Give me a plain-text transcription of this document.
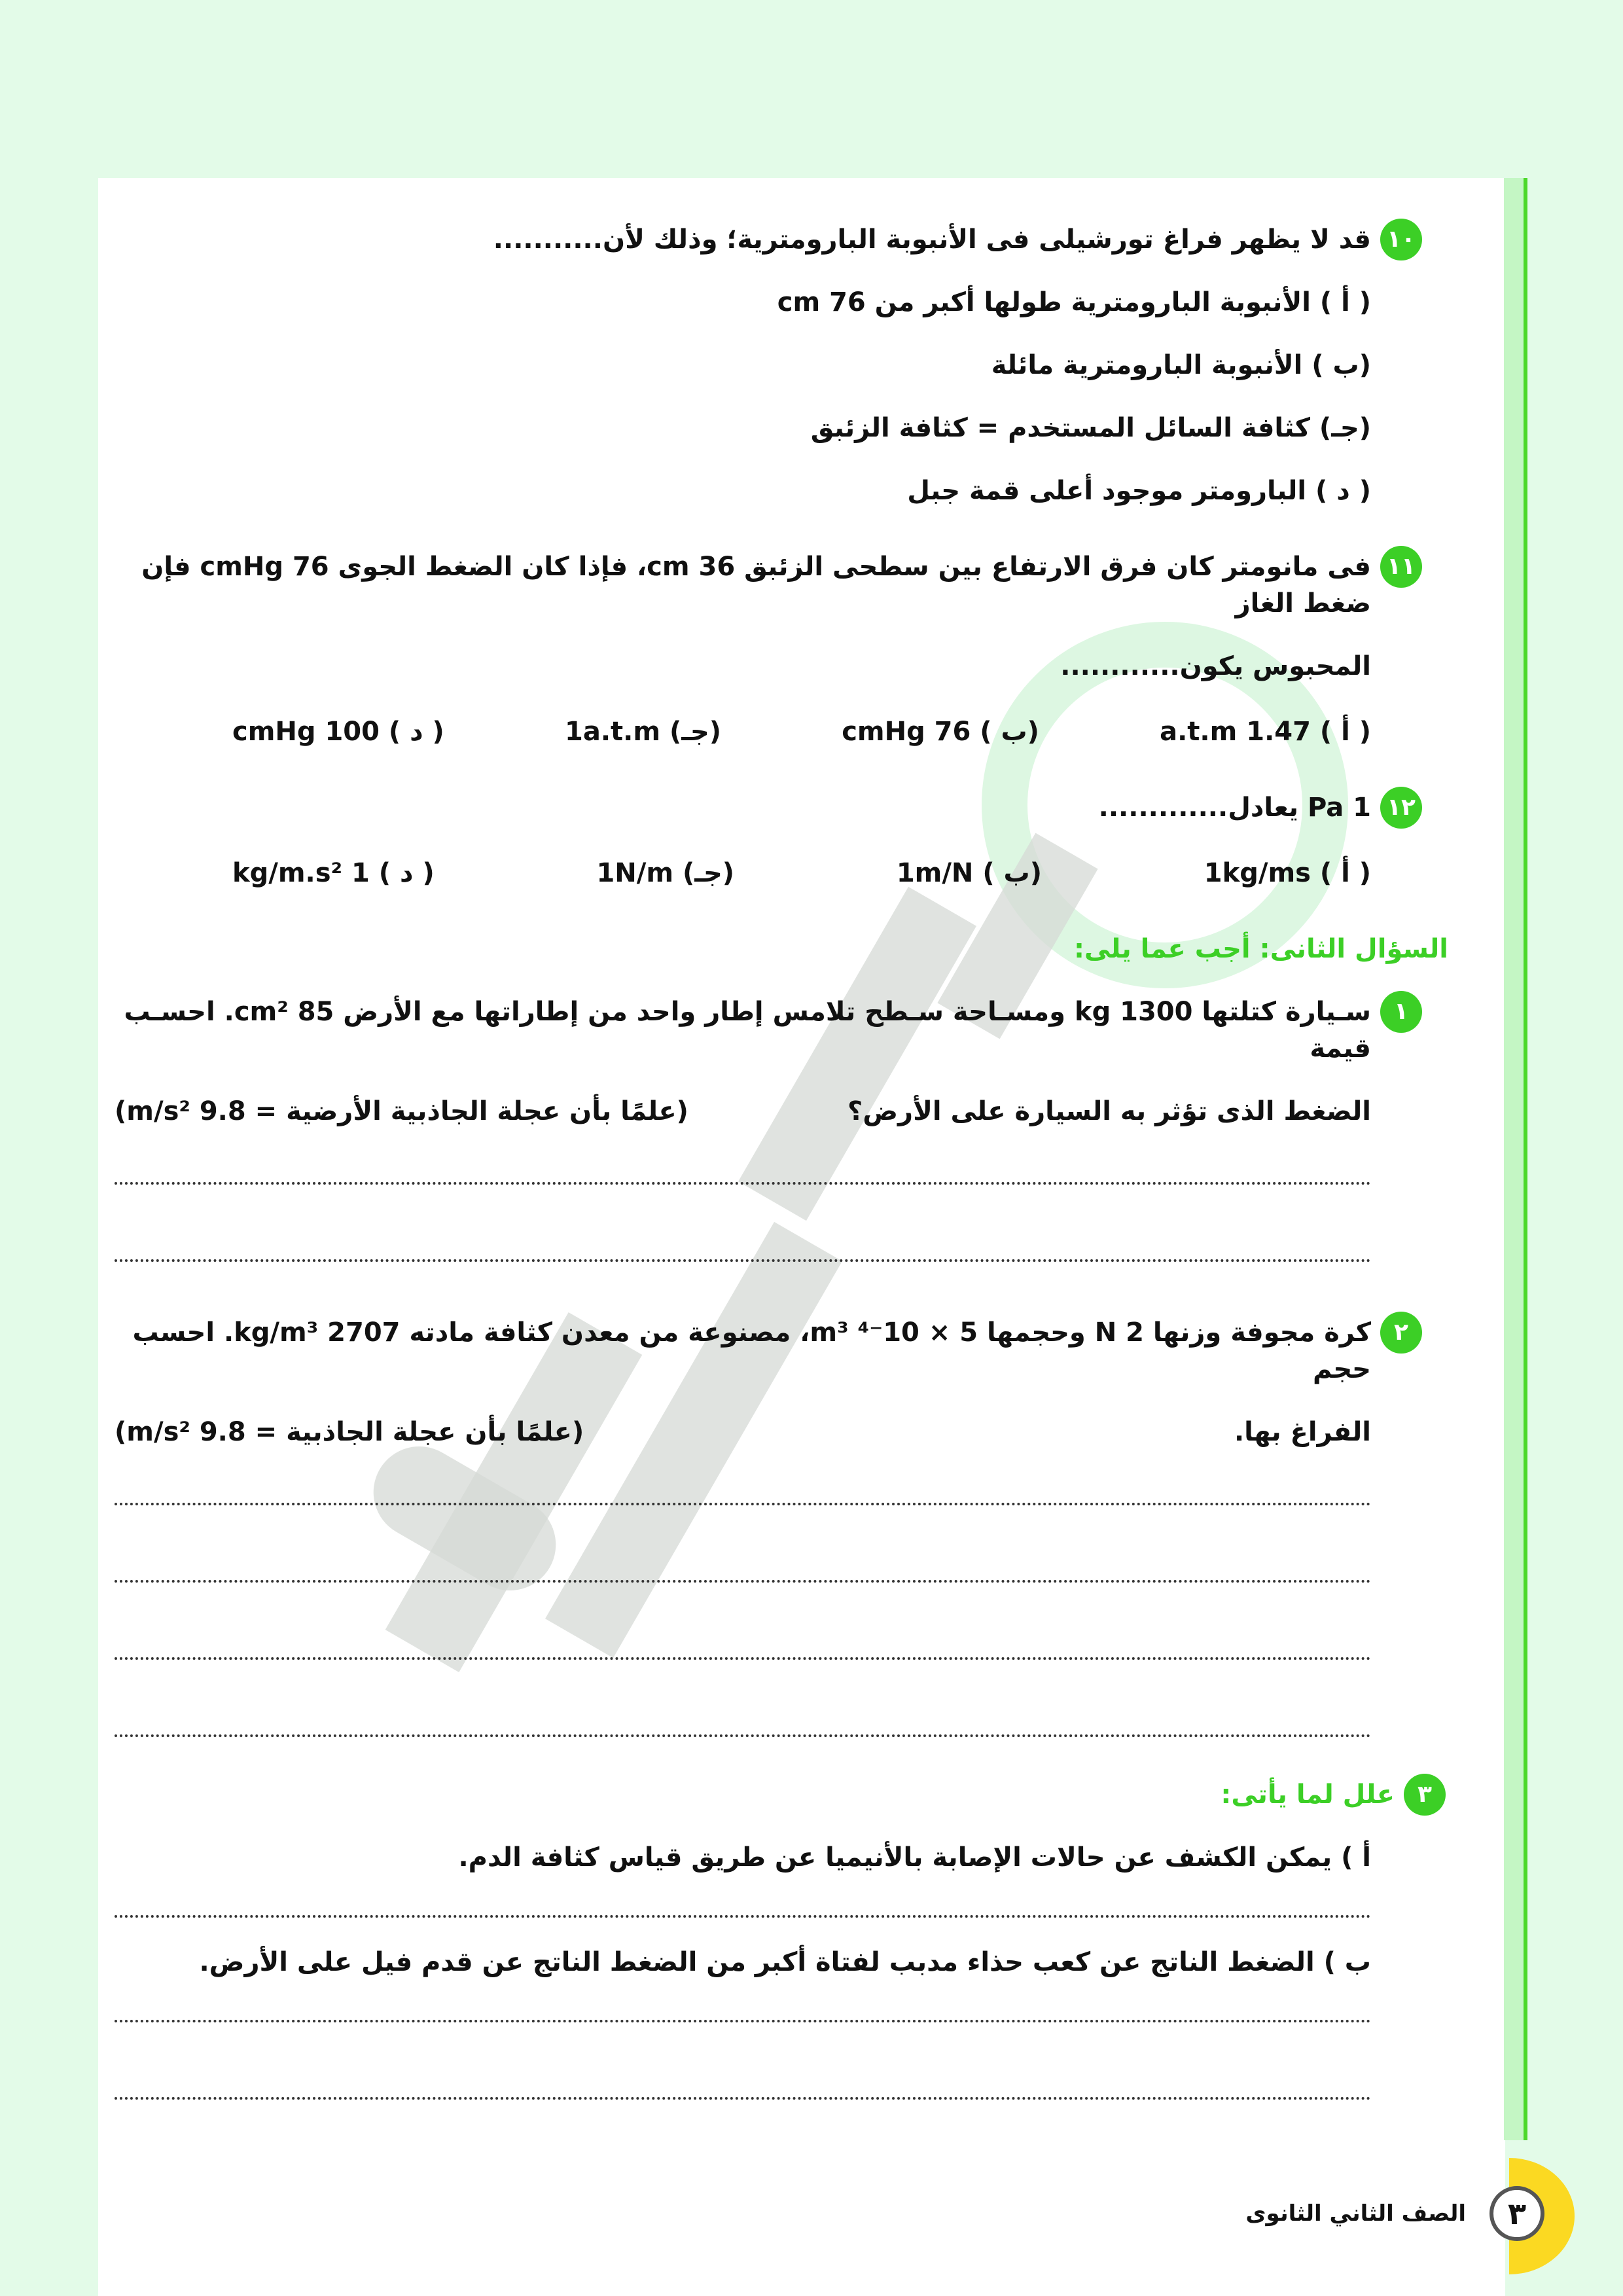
١٠
قد لا يظهر فراغ تورشيلى فى الأنبوبة البارومترية؛ وذلك لأن...........
( أ ) الأنبوبة البارومترية طولها أكبر من 76 cm
(ب ) الأنبوبة البارومترية مائلة
(جـ) كثافة السائل المستخدم = كثافة الزئبق
( د ) البارومتر موجود أعلى قمة جبل
١١
فى مانومتر كان فرق الارتفاع بين سطحى الزئبق 36 cm، فإذا كان الضغط الجوى 76 cmHg فإن ضغط الغاز
المحبوس يكون............
( أ ) 1.47 a.t.m
(ب ) 76 cmHg
(جـ) 1a.t.m
( د ) 100 cmHg
١٢
1 Pa يعادل.............
( أ ) 1kg/ms
(ب ) 1m/N
(جـ) 1N/m
( د ) 1 kg/m.s²
السؤال الثانى: أجب عما يلى:
١
سـيارة كتلتها 1300 kg ومسـاحة سـطح تلامس إطار واحد من إطاراتها مع الأرض 85 cm². احسـب قيمة
الضغط الذى تؤثر به السيارة على الأرض؟
(علمًا بأن عجلة الجاذبية الأرضية = 9.8 m/s²)
٢
كرة مجوفة وزنها 2 N وحجمها 5 × 10⁻⁴ m³، مصنوعة من معدن كثافة مادته 2707 kg/m³. احسب حجم
الفراغ بها.
(علمًا بأن عجلة الجاذبية = 9.8 m/s²)
٣
علل لما يأتى:
أ ) يمكن الكشف عن حالات الإصابة بالأنيميا عن طريق قياس كثافة الدم.
ب ) الضغط الناتج عن كعب حذاء مدبب لفتاة أكبر من الضغط الناتج عن قدم فيل على الأرض.
٣
الصف الثاني الثانوى
